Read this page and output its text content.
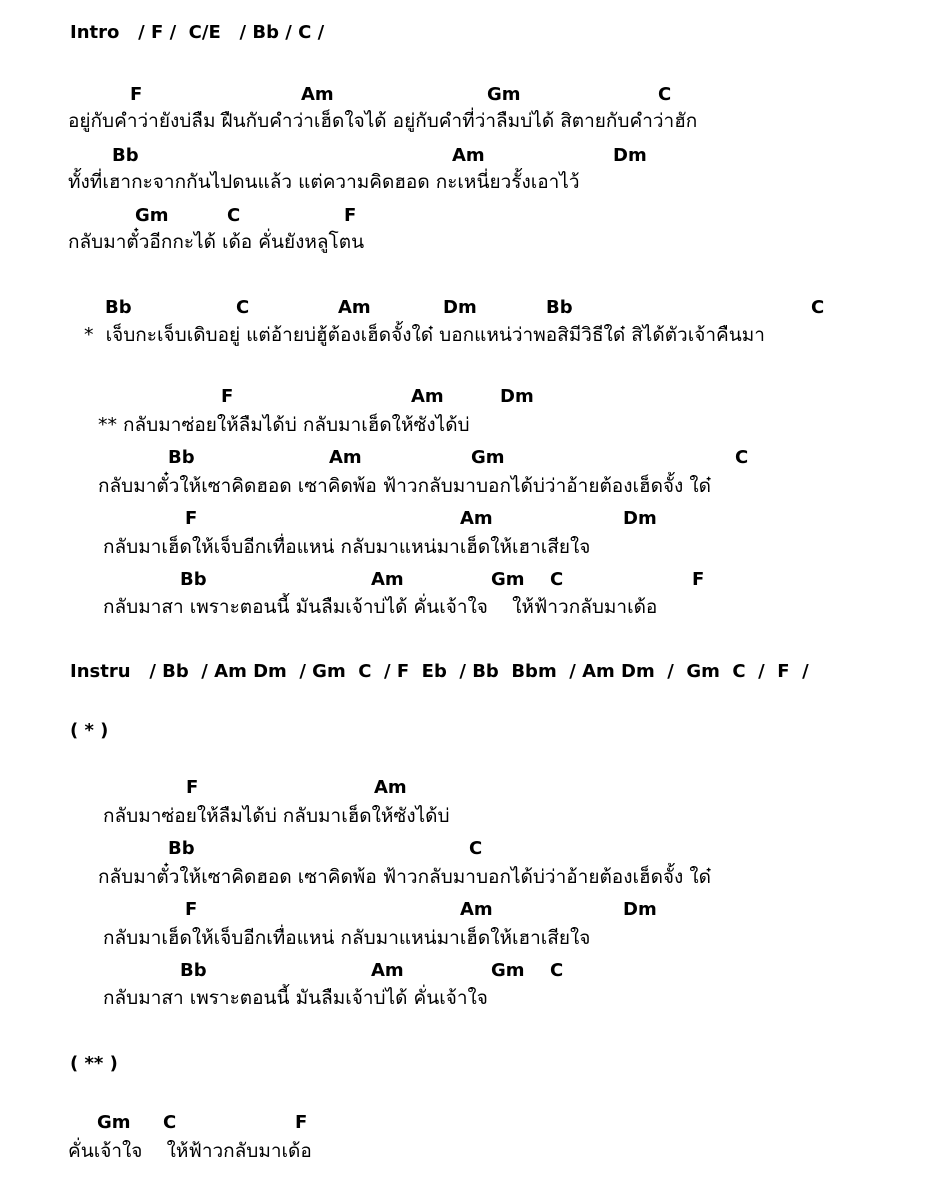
Intro   / F /  C/E   / Bb / C /
F	Am	Gm	C
อยู่กับคำว่ายังบ่ลืม ฝืนกับคำว่าเฮ็ดใจได้ อยู่กับคำที่ว่าลืมบ่ได้ สิตายกับคำว่าฮัก
Bb	Am	Dm
ทั้งที่เฮากะจากกันไปดนแล้ว แต่ความคิดฮอด กะเหนี่ยวรั้งเอาไว้
Gm	C	F
กลับมาตั๋วอีกกะได้ เด้อ คั่นยังหลูโตน
Bb	C	Am	Dm	Bb	C
*  เจ็บกะเจ็บเดิบอยู่ แต่อ้ายบ่ฮู้ต้องเฮ็ดจั้งใด๋ บอกแหน่ว่าพอสิมีวิธีใด๋ สิได้ตัวเจ้าคืนมา
F	Am	Dm
** กลับมาซ่อยให้ลืมได้บ่ กลับมาเฮ็ดให้ซังได้บ่
Bb	Am	Gm	C
กลับมาตั๋วให้เซาคิดฮอด เซาคิดพ้อ ฟ้าวกลับมาบอกได้บ่ว่าอ้ายต้องเฮ็ดจั้ง ใด๋
F	Am	Dm
กลับมาเฮ็ดให้เจ็บอีกเทื่อแหน่ กลับมาแหน่มาเฮ็ดให้เฮาเสียใจ
Bb	Am	Gm C	F
กลับมาสา เพราะตอนนี้ มันลืมเจ้าบ่ได้ คั่นเจ้าใจ    ให้ฟ้าวกลับมาเด้อ
Instru   / Bb  / Am Dm  / Gm  C  / F  Eb  / Bb  Bbm  / Am Dm  /  Gm  C  /  F  /
( * )
F	Am
กลับมาซ่อยให้ลืมได้บ่ กลับมาเฮ็ดให้ซังได้บ่
Bb	C
กลับมาตั๋วให้เซาคิดฮอด เซาคิดพ้อ ฟ้าวกลับมาบอกได้บ่ว่าอ้ายต้องเฮ็ดจั้ง ใด๋
F	Am	Dm
กลับมาเฮ็ดให้เจ็บอีกเทื่อแหน่ กลับมาแหน่มาเฮ็ดให้เฮาเสียใจ
Bb	Am	Gm C
กลับมาสา เพราะตอนนี้ มันลืมเจ้าบ่ได้ คั่นเจ้าใจ
( ** )
Gm C	F
คั่นเจ้าใจ    ให้ฟ้าวกลับมาเด้อ
